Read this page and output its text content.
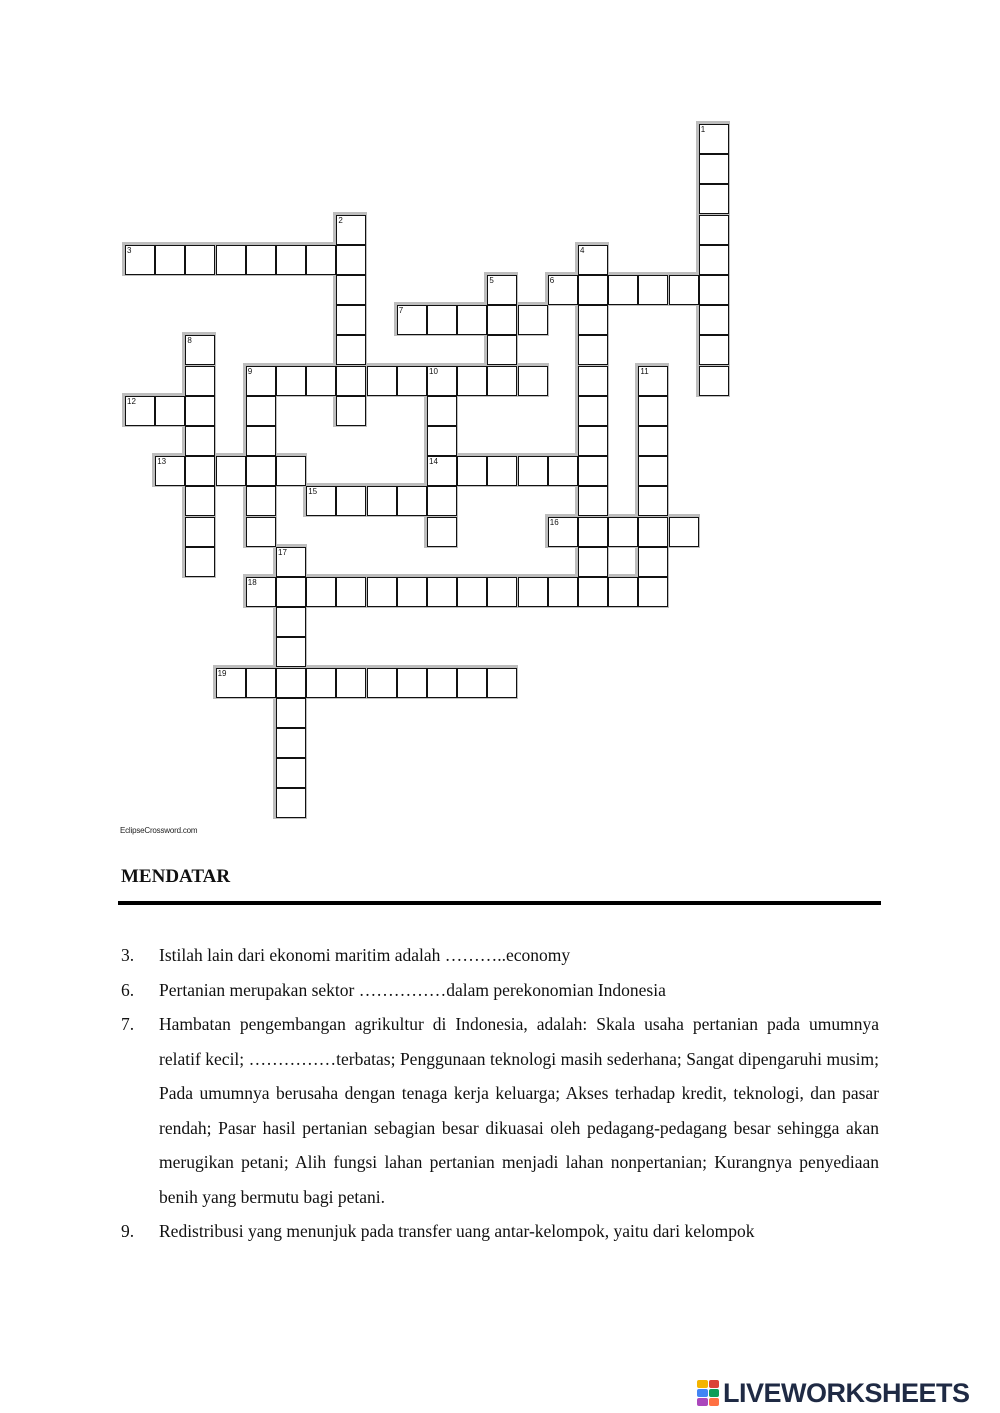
1
2
3	4
5	6
7
8
9	10
14
11
12
13
15
16
17
18
19
EclipseCrossword.com
MENDATAR
3.	Istilah lain dari ekonomi maritim adalah ………..economy
6.	Pertanian merupakan sektor ……………dalam perekonomian Indonesia
7.	Hambatan pengembangan agrikultur di Indonesia, adalah: Skala usaha pertanian pada umumnya relatif kecil; ……………terbatas; Penggunaan teknologi masih sederhana; Sangat dipengaruhi musim; Pada umumnya berusaha dengan tenaga kerja keluarga; Akses terhadap kredit, teknologi, dan pasar rendah; Pasar hasil pertanian sebagian besar dikuasai oleh pedagang-pedagang besar sehingga akan merugikan petani; Alih fungsi lahan pertanian menjadi lahan nonpertanian; Kurangnya penyediaan benih yang bermutu bagi petani.
9.	Redistribusi yang menunjuk pada transfer uang antar-kelompok, yaitu dari kelompok
LIVEWORKSHEETS
